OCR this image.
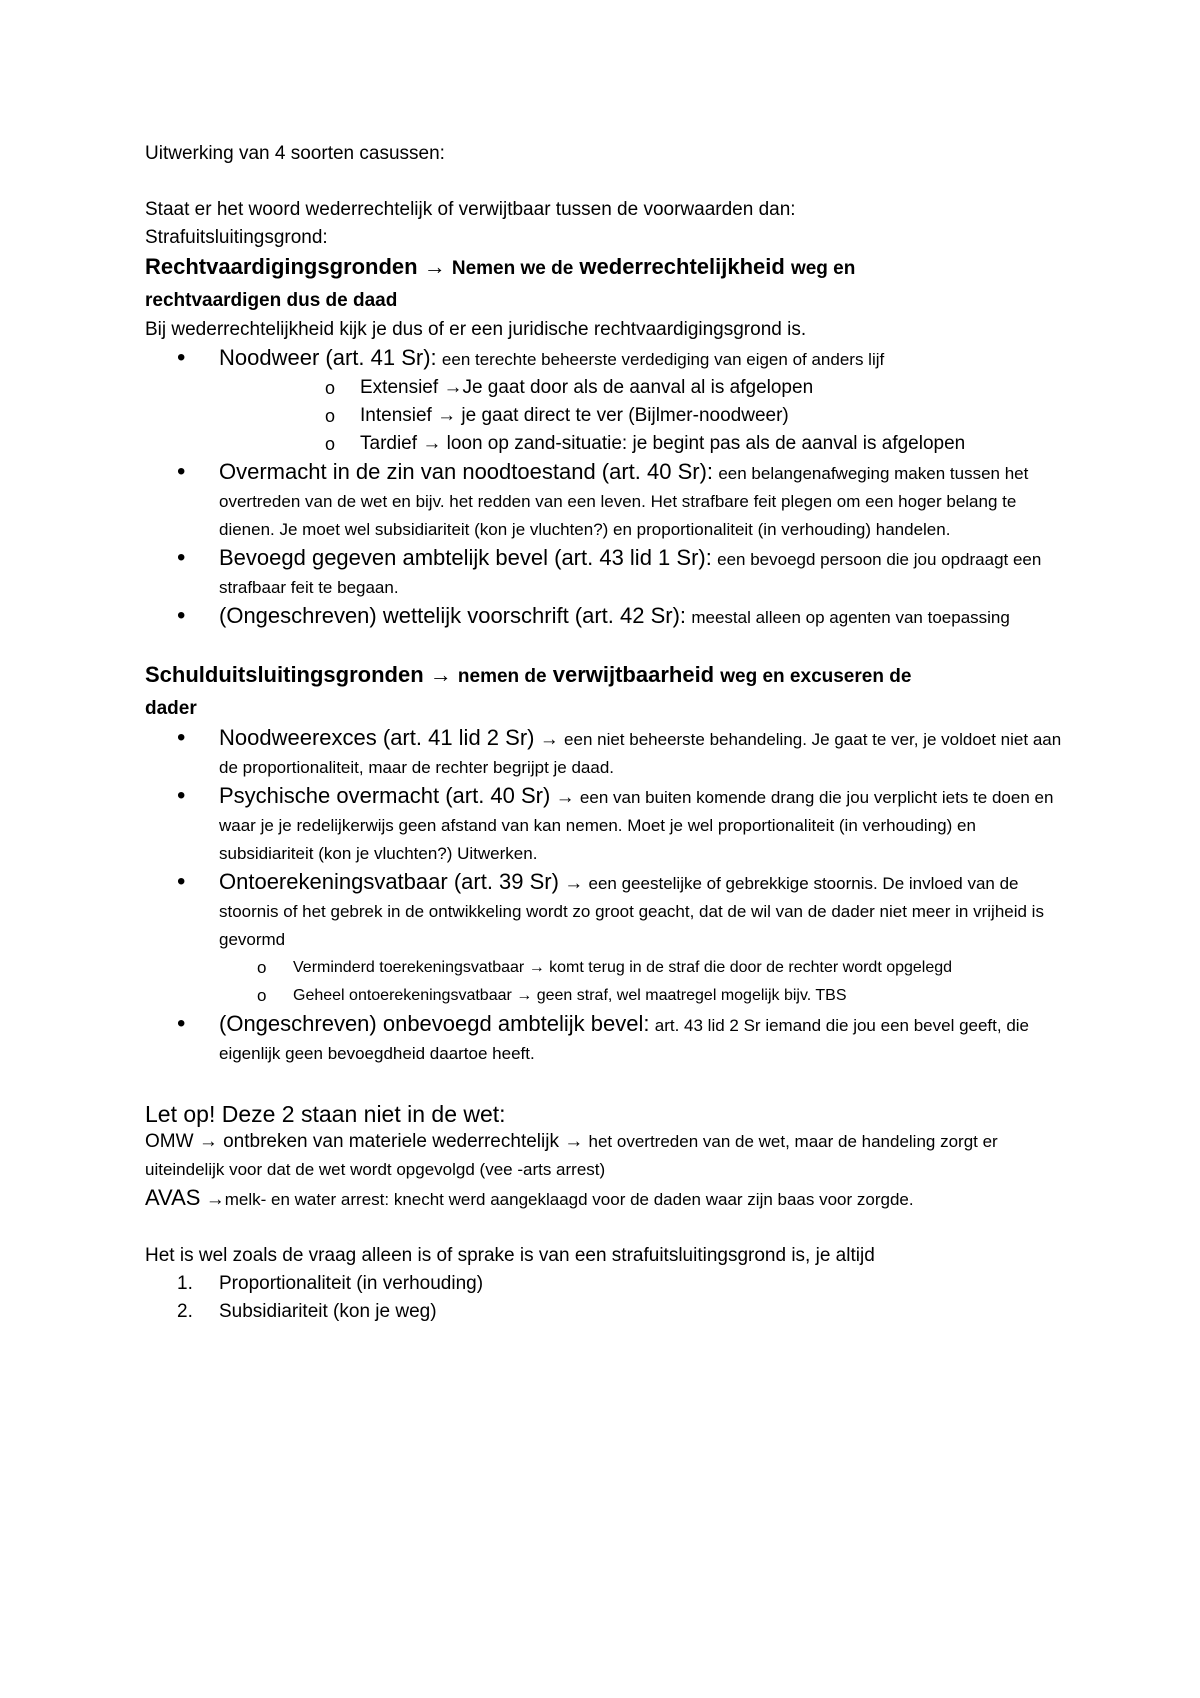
Uitwerking van 4 soorten casussen:

Staat er het woord wederrechtelijk of verwijtbaar tussen de voorwaarden dan:

Strafuitsluitingsgrond:

Rechtvaardigingsgronden → Nemen we de wederrechtelijkheid weg en
rechtvaardigen dus de daad

Bij wederrechtelijkheid kijk je dus of er een juridische rechtvaardigingsgrond is.

• Noodweer (art. 41 Sr): een terechte beheerste verdediging van eigen of anders lijf
o Extensief →Je gaat door als de aanval al is afgelopen
o Intensief → je gaat direct te ver (Bijlmer-noodweer)
o Tardief → loon op zand-situatie: je begint pas als de aanval is afgelopen
• Overmacht in de zin van noodtoestand (art. 40 Sr): een belangenafweging maken tussen het overtreden van de wet en bijv. het redden van een leven. Het strafbare feit plegen om een hoger belang te dienen. Je moet wel subsidiariteit (kon je vluchten?) en proportionaliteit (in verhouding) handelen.
• Bevoegd gegeven ambtelijk bevel (art. 43 lid 1 Sr): een bevoegd persoon die jou opdraagt een strafbaar feit te begaan.
• (Ongeschreven) wettelijk voorschrift (art. 42 Sr): meestal alleen op agenten van toepassing

Schulduitsluitingsgronden → nemen de verwijtbaarheid weg en excuseren de
dader

• Noodweerexces (art. 41 lid 2 Sr) → een niet beheerste behandeling. Je gaat te ver, je voldoet niet aan de proportionaliteit, maar de rechter begrijpt je daad.
• Psychische overmacht (art. 40 Sr) → een van buiten komende drang die jou verplicht iets te doen en waar je je redelijkerwijs geen afstand van kan nemen. Moet je wel proportionaliteit (in verhouding) en subsidiariteit (kon je vluchten?) Uitwerken.
• Ontoerekeningsvatbaar (art. 39 Sr) → een geestelijke of gebrekkige stoornis. De invloed van de stoornis of het gebrek in de ontwikkeling wordt zo groot geacht, dat de wil van de dader niet meer in vrijheid is gevormd
o Verminderd toerekeningsvatbaar → komt terug in de straf die door de rechter wordt opgelegd
o Geheel ontoerekeningsvatbaar → geen straf, wel maatregel mogelijk bijv. TBS
• (Ongeschreven) onbevoegd ambtelijk bevel: art. 43 lid 2 Sr iemand die jou een bevel geeft, die eigenlijk geen bevoegdheid daartoe heeft.

Let op! Deze 2 staan niet in de wet:

OMW → ontbreken van materiele wederrechtelijk → het overtreden van de wet, maar de handeling zorgt er uiteindelijk voor dat de wet wordt opgevolgd (vee -arts arrest)

AVAS →melk- en water arrest: knecht werd aangeklaagd voor de daden waar zijn baas voor zorgde.

Het is wel zoals de vraag alleen is of sprake is van een strafuitsluitingsgrond is, je altijd

1. Proportionaliteit (in verhouding)
2. Subsidiariteit (kon je weg)
